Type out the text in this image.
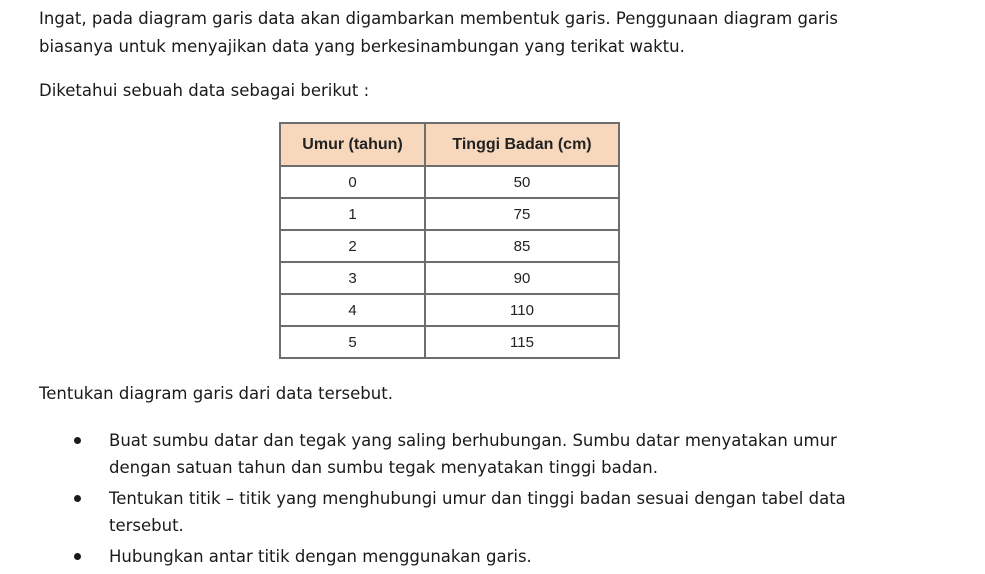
Ingat, pada diagram garis data akan digambarkan membentuk garis. Penggunaan diagram garis
biasanya untuk menyajikan data yang berkesinambungan yang terikat waktu.

Diketahui sebuah data sebagai berikut :

Umur (tahun)	Tinggi Badan (cm)
0	50
1	75
2	85
3	90
4	110
5	115

Tentukan diagram garis dari data tersebut.

Buat sumbu datar dan tegak yang saling berhubungan. Sumbu datar menyatakan umur
dengan satuan tahun dan sumbu tegak menyatakan tinggi badan.
Tentukan titik – titik yang menghubungi umur dan tinggi badan sesuai dengan tabel data
tersebut.
Hubungkan antar titik dengan menggunakan garis.
